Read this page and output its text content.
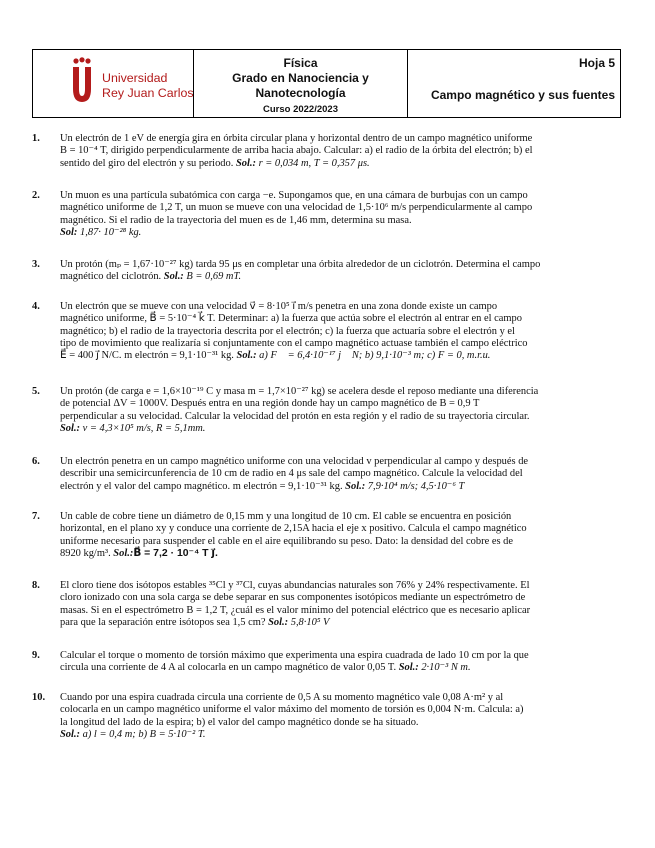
Universidad
Rey Juan Carlos
Física
Grado en Nanociencia y
Nanotecnología
Curso 2022/2023
Hoja 5
Campo magnético y sus fuentes
1. Un electrón de 1 eV de energía gira en órbita circular plana y horizontal dentro de un campo magnético uniforme
B = 10⁻⁴ T, dirigido perpendicularmente de arriba hacia abajo. Calcular: a) el radio de la órbita del electrón; b) el
sentido del giro del electrón y su periodo. Sol.: r = 0,034 m, T = 0,357 μs.
2. Un muon es una partícula subatómica con carga −e. Supongamos que, en una cámara de burbujas con un campo
magnético uniforme de 1,2 T, un muon se mueve con una velocidad de 1,5·10⁶ m/s perpendicularmente al campo
magnético. Si el radio de la trayectoria del muen es de 1,46 mm, determina su masa.
Sol: 1,87· 10⁻²⁸ kg.
3. Un protón (mₚ = 1,67·10⁻²⁷ kg) tarda 95 μs en completar una órbita alrededor de un ciclotrón. Determina el campo
magnético del ciclotrón. Sol.: B = 0,69 mT.
4. Un electrón que se mueve con una velocidad v⃗ = 8·10⁵ i⃗ m/s penetra en una zona donde existe un campo
magnético uniforme, B⃗ = 5·10⁻⁴ k⃗ T. Determinar: a) la fuerza que actúa sobre el electrón al entrar en el campo
magnético; b) el radio de la trayectoria descrita por el electrón; c) la fuerza que actuaría sobre el electrón y el
tipo de movimiento que realizaría si conjuntamente con el campo magnético actuase también el campo eléctrico
E⃗ = 400 j⃗ N/C. m electrón = 9,1·10⁻³¹ kg. Sol.: a) F⃗ = 6,4·10⁻¹⁷ j⃗ N; b) 9,1·10⁻³ m; c) F = 0, m.r.u.
5. Un protón (de carga e = 1,6×10⁻¹⁹ C y masa m = 1,7×10⁻²⁷ kg) se acelera desde el reposo mediante una diferencia
de potencial ΔV = 1000V. Después entra en una región donde hay un campo magnético de B = 0,9 T
perpendicular a su velocidad. Calcular la velocidad del protón en esta región y el radio de su trayectoria circular.
Sol.: v = 4,3×10⁵ m/s, R = 5,1mm.
6. Un electrón penetra en un campo magnético uniforme con una velocidad v perpendicular al campo y después de
describir una semicircunferencia de 10 cm de radio en 4 μs sale del campo magnético. Calcule la velocidad del
electrón y el valor del campo magnético. m electrón = 9,1·10⁻³¹ kg. Sol.: 7,9·10⁴ m/s; 4,5·10⁻⁶ T
7. Un cable de cobre tiene un diámetro de 0,15 mm y una longitud de 10 cm. El cable se encuentra en posición
horizontal, en el plano xy y conduce una corriente de 2,15A hacia el eje x positivo. Calcula el campo magnético
uniforme necesario para suspender el cable en el aire equilibrando su peso. Dato: la densidad del cobre es de
8920 kg/m³. Sol.:B⃗ = 7,2 · 10⁻⁴ T j⃗.
8. El cloro tiene dos isótopos estables ³⁵Cl y ³⁷Cl, cuyas abundancias naturales son 76% y 24% respectivamente. El
cloro ionizado con una sola carga se debe separar en sus componentes isotópicos mediante un espectrómetro de
masas. Si en el espectrómetro B = 1,2 T, ¿cuál es el valor mínimo del potencial eléctrico que es necesario aplicar
para que la separación entre isótopos sea 1,5 cm? Sol.: 5,8·10⁵ V
9. Calcular el torque o momento de torsión máximo que experimenta una espira cuadrada de lado 10 cm por la que
circula una corriente de 4 A al colocarla en un campo magnético de valor 0,05 T. Sol.: 2·10⁻³ N m.
10. Cuando por una espira cuadrada circula una corriente de 0,5 A su momento magnético vale 0,08 A·m² y al
colocarla en un campo magnético uniforme el valor máximo del momento de torsión es 0,004 N·m. Calcula: a)
la longitud del lado de la espira; b) el valor del campo magnético donde se ha situado.
Sol.: a) l = 0,4 m; b) B = 5·10⁻² T.
